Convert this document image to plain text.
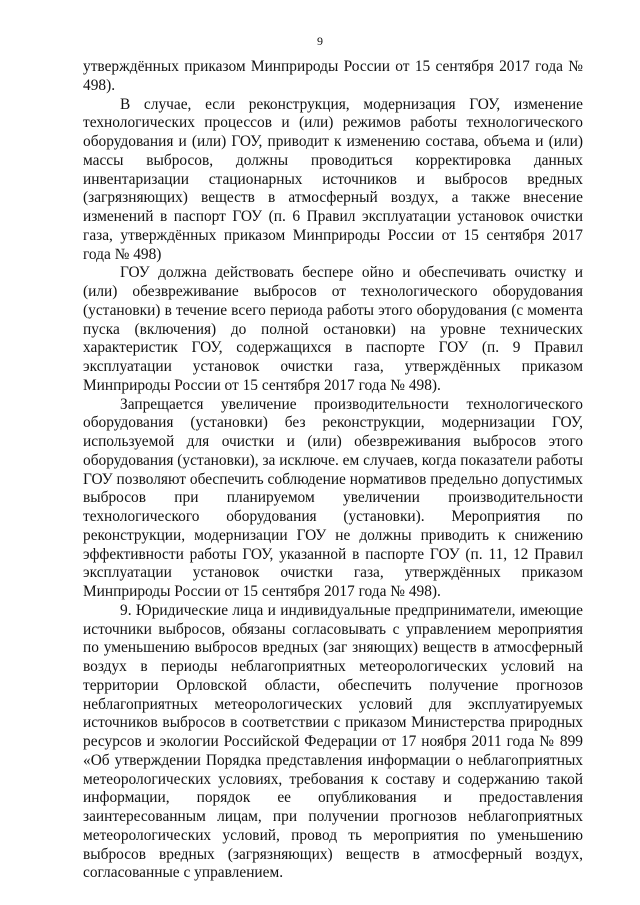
9

утверждённых приказом Минприроды России от 15 сентября 2017 года № 498).

В случае, если реконструкция, модернизация ГОУ, изменение технологических процессов и (или) режимов работы технологического оборудования и (или) ГОУ, приводит к изменению состава, объема и (или) массы выбросов, должны проводиться корректировка данных инвентаризации стационарных источников и выбросов вредных (загрязняющих) веществ в атмосферный воздух, а также внесение изменений в паспорт ГОУ (п. 6 Правил эксплуатации установок очистки газа, утверждённых приказом Минприроды России от 15 сентября 2017 года № 498)

ГОУ должна действовать беспере ойно и обеспечивать очистку и (или) обезвреживание выбросов от технологического оборудования (установки) в течение всего периода работы этого оборудования (с момента пуска (включения) до полной остановки) на уровне технических характеристик ГОУ, содержащихся в паспорте ГОУ (п. 9 Правил эксплуатации установок очистки газа, утверждённых приказом Минприроды России от 15 сентября 2017 года № 498).

Запрещается увеличение производительности технологического оборудования (установки) без реконструкции, модернизации ГОУ, используемой для очистки и (или) обезвреживания выбросов этого оборудования (установки), за исключе. ем случаев, когда показатели работы ГОУ позволяют обеспечить соблюдение нормативов предельно допустимых выбросов при планируемом увеличении производительности технологического оборудования (установки). Мероприятия по реконструкции, модернизации ГОУ не должны приводить к снижению эффективности работы ГОУ, указанной в паспорте ГОУ (п. 11, 12 Правил эксплуатации установок очистки газа, утверждённых приказом Минприроды России от 15 сентября 2017 года № 498).

9. Юридические лица и индивидуальные предприниматели, имеющие источники выбросов, обязаны согласовывать с управлением мероприятия по уменьшению выбросов вредных (заг зняющих) веществ в атмосферный воздух в периоды неблагоприятных метеорологических условий на территории Орловской области, обеспечить получение прогнозов неблагоприятных метеорологических условий для эксплуатируемых источников выбросов в соответствии с приказом Министерства природных ресурсов и экологии Российской Федерации от 17 ноября 2011 года № 899 «Об утверждении Порядка представления информации о неблагоприятных метеорологических условиях, требования к составу и содержанию такой информации, порядок ее опубликования и предоставления заинтересованным лицам, при получении прогнозов неблагоприятных метеорологических условий, провод ть мероприятия по уменьшению выбросов вредных (загрязняющих) веществ в атмосферный воздух, согласованные с управлением.
